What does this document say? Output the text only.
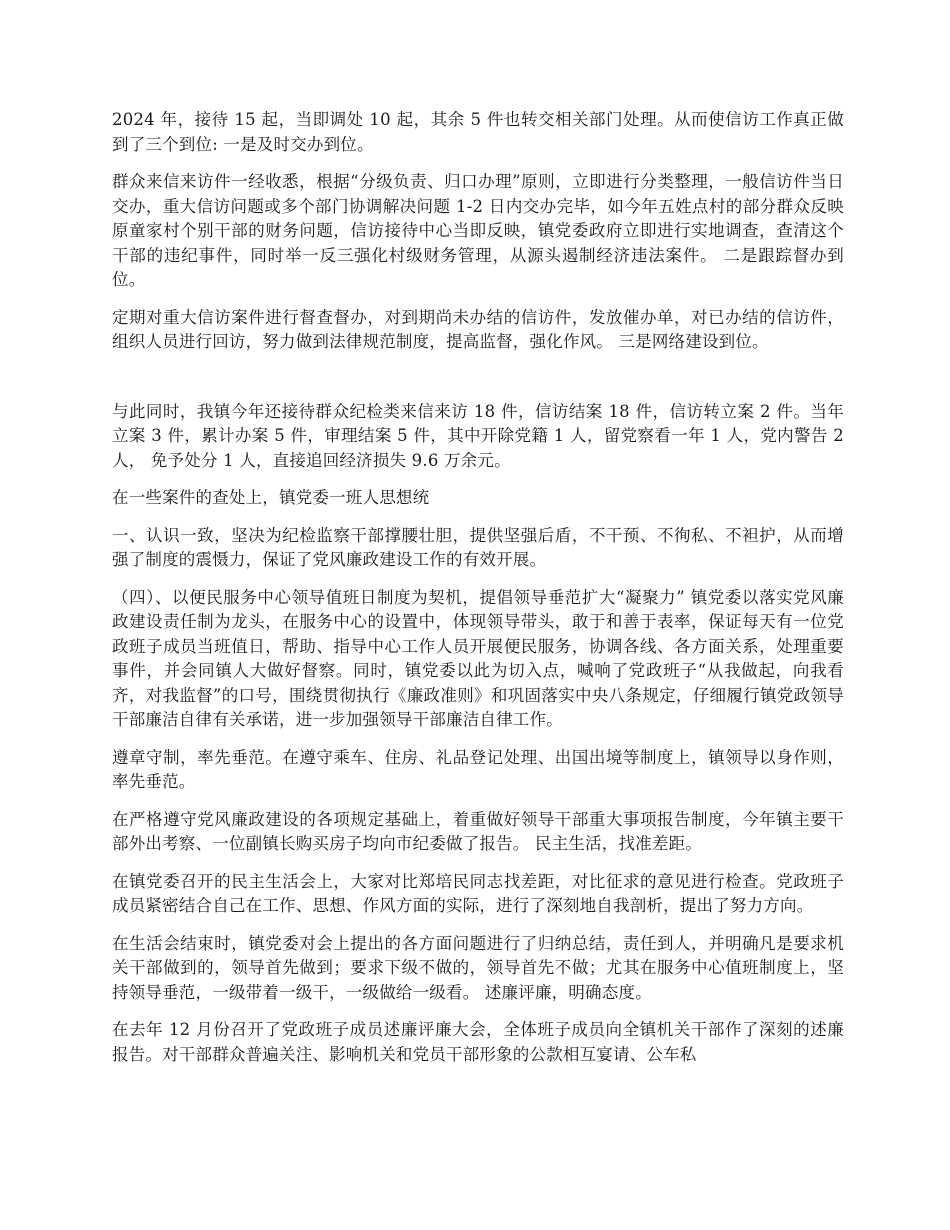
2024 年，接待 15 起，当即调处 10 起，其余 5 件也转交相关部门处理。从而使信访工作真正做到了三个到位: 一是及时交办到位。

群众来信来访件一经收悉，根据“分级负责、归口办理”原则，立即进行分类整理，一般信访件当日交办，重大信访问题或多个部门协调解决问题 1-2 日内交办完毕，如今年五姓点村的部分群众反映原童家村个别干部的财务问题，信访接待中心当即反映，镇党委政府立即进行实地调查，查清这个干部的违纪事件，同时举一反三强化村级财务管理，从源头遏制经济违法案件。 二是跟踪督办到位。

定期对重大信访案件进行督查督办，对到期尚未办结的信访件，发放催办单，对已办结的信访件，组织人员进行回访，努力做到法律规范制度，提高监督，强化作风。 三是网络建设到位。

与此同时，我镇今年还接待群众纪检类来信来访 18 件，信访结案 18 件，信访转立案 2 件。当年立案 3 件，累计办案 5 件，审理结案 5 件，其中开除党籍 1 人，留党察看一年 1 人，党内警告 2 人， 免予处分 1 人，直接追回经济损失 9.6 万余元。

在一些案件的查处上，镇党委一班人思想统

一、认识一致，坚决为纪检监察干部撑腰壮胆，提供坚强后盾，不干预、不徇私、不袒护，从而增强了制度的震慑力，保证了党风廉政建设工作的有效开展。

（四）、以便民服务中心领导值班日制度为契机，提倡领导垂范扩大“凝聚力” 镇党委以落实党风廉政建设责任制为龙头，在服务中心的设置中，体现领导带头，敢于和善于表率，保证每天有一位党政班子成员当班值日，帮助、指导中心工作人员开展便民服务，协调各线、各方面关系，处理重要事件，并会同镇人大做好督察。同时，镇党委以此为切入点，喊响了党政班子“从我做起，向我看齐，对我监督”的口号，围绕贯彻执行《廉政准则》和巩固落实中央八条规定，仔细履行镇党政领导干部廉洁自律有关承诺，进一步加强领导干部廉洁自律工作。

遵章守制，率先垂范。在遵守乘车、住房、礼品登记处理、出国出境等制度上，镇领导以身作则，率先垂范。

在严格遵守党风廉政建设的各项规定基础上，着重做好领导干部重大事项报告制度，今年镇主要干部外出考察、一位副镇长购买房子均向市纪委做了报告。 民主生活，找准差距。

在镇党委召开的民主生活会上，大家对比郑培民同志找差距，对比征求的意见进行检查。党政班子成员紧密结合自己在工作、思想、作风方面的实际，进行了深刻地自我剖析，提出了努力方向。

在生活会结束时，镇党委对会上提出的各方面问题进行了归纳总结，责任到人，并明确凡是要求机关干部做到的，领导首先做到；要求下级不做的，领导首先不做；尤其在服务中心值班制度上，坚持领导垂范，一级带着一级干，一级做给一级看。 述廉评廉，明确态度。

在去年 12 月份召开了党政班子成员述廉评廉大会，全体班子成员向全镇机关干部作了深刻的述廉报告。对干部群众普遍关注、影响机关和党员干部形象的公款相互宴请、公车私
